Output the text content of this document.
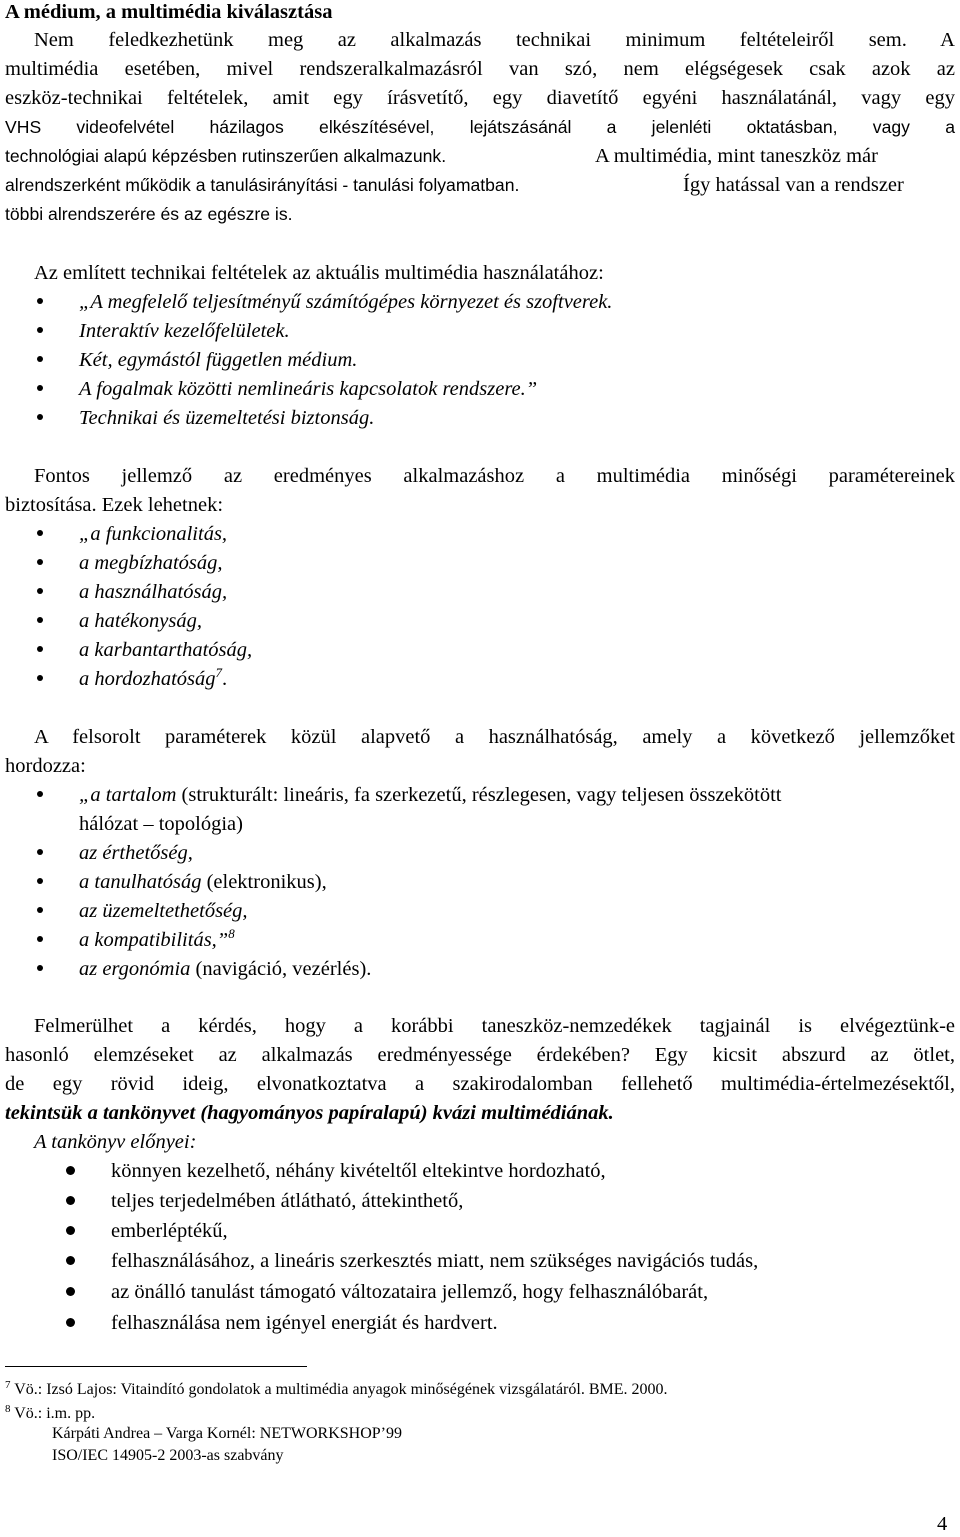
A médium, a multimédia kiválasztása
Nem feledkezhetünk meg az alkalmazás technikai minimum feltételeiről sem. A
multimédia esetében, mivel rendszeralkalmazásról van szó, nem elégségesek csak azok az
eszköz-technikai feltételek, amit egy írásvetítő, egy diavetítő egyéni használatánál, vagy egy
VHS videofelvétel házilagos elkészítésével, lejátszásánál a jelenléti oktatásban, vagy a
technológiai alapú képzésben rutinszerűen alkalmazunk.	A multimédia, mint taneszköz már
alrendszerként működik a tanulásirányítási - tanulási folyamatban.	Így hatással van a rendszer
többi alrendszerére és az egészre is.
Az említett technikai feltételek az aktuális multimédia használatához:
„A megfelelő teljesítményű számítógépes környezet és szoftverek.
Interaktív kezelőfelületek.
Két, egymástól független médium.
A fogalmak közötti nemlineáris kapcsolatok rendszere.”
Technikai és üzemeltetési biztonság.
Fontos jellemző az eredményes alkalmazáshoz a multimédia minőségi paramétereinek
biztosítása. Ezek lehetnek:
„a funkcionalitás,
a megbízhatóság,
a használhatóság,
a hatékonyság,
a karbantarthatóság,
a hordozhatóság$^7$.
A felsorolt paraméterek közül alapvető a használhatóság, amely a következő jellemzőket
hordozza:
„a tartalom (strukturált: lineáris, fa szerkezetű, részlegesen, vagy teljesen összekötött
hálózat – topológia)
az érthetőség,
a tanulhatóság (elektronikus),
az üzemeltethetőség,
a kompatibilitás,”$^8$
az ergonómia (navigáció, vezérlés).
Felmerülhet a kérdés, hogy a korábbi taneszköz-nemzedékek tagjainál is elvégeztünk-e
hasonló elemzéseket az alkalmazás eredményessége érdekében? Egy kicsit abszurd az ötlet,
de egy rövid ideig, elvonatkoztatva a szakirodalomban fellehető multimédia-értelmezésektől,
tekintsük a tankönyvet (hagyományos papíralapú) kvázi multimédiának.
A tankönyv előnyei:
könnyen kezelhető, néhány kivételtől eltekintve hordozható,
teljes terjedelmében átlátható, áttekinthető,
emberléptékű,
felhasználásához, a lineáris szerkesztés miatt, nem szükséges navigációs tudás,
az önálló tanulást támogató változataira jellemző, hogy felhasználóbarát,
felhasználása nem igényel energiát és hardvert.
$^7$ Vö.: Izsó Lajos: Vitaindító gondolatok a multimédia anyagok minőségének vizsgálatáról. BME. 2000.
$^8$ Vö.: i.m. pp.
Kárpáti Andrea – Varga Kornél: NETWORKSHOP’99
ISO/IEC 14905-2 2003-as szabvány
4
